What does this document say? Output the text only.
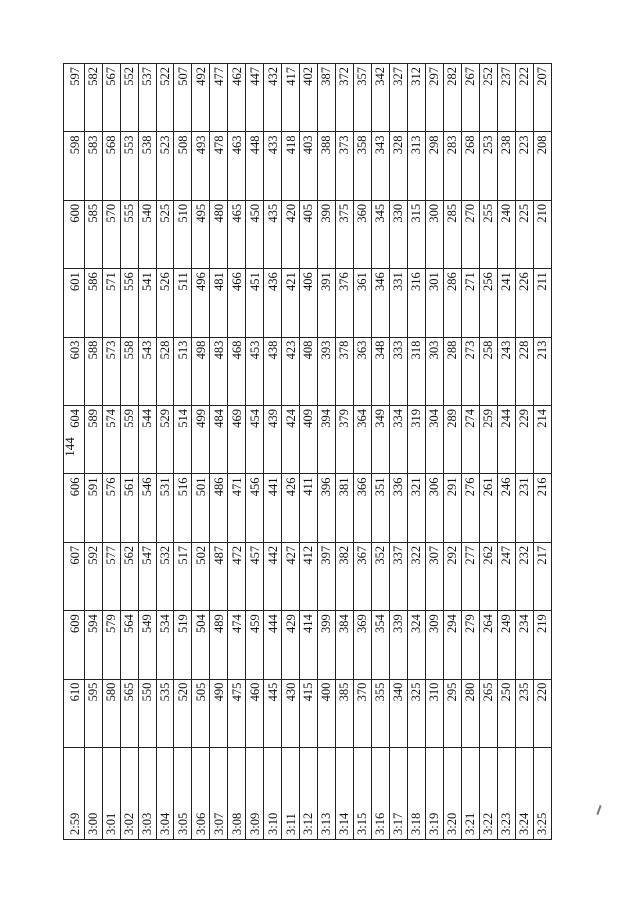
144
2:59	610	609	607	606	604	603	601	600	598	597
3:00	595	594	592	591	589	588	586	585	583	582
3:01	580	579	577	576	574	573	571	570	568	567
3:02	565	564	562	561	559	558	556	555	553	552
3:03	550	549	547	546	544	543	541	540	538	537
3:04	535	534	532	531	529	528	526	525	523	522
3:05	520	519	517	516	514	513	511	510	508	507
3:06	505	504	502	501	499	498	496	495	493	492
3:07	490	489	487	486	484	483	481	480	478	477
3:08	475	474	472	471	469	468	466	465	463	462
3:09	460	459	457	456	454	453	451	450	448	447
3:10	445	444	442	441	439	438	436	435	433	432
3:11	430	429	427	426	424	423	421	420	418	417
3:12	415	414	412	411	409	408	406	405	403	402
3:13	400	399	397	396	394	393	391	390	388	387
3:14	385	384	382	381	379	378	376	375	373	372
3:15	370	369	367	366	364	363	361	360	358	357
3:16	355	354	352	351	349	348	346	345	343	342
3:17	340	339	337	336	334	333	331	330	328	327
3:18	325	324	322	321	319	318	316	315	313	312
3:19	310	309	307	306	304	303	301	300	298	297
3:20	295	294	292	291	289	288	286	285	283	282
3:21	280	279	277	276	274	273	271	270	268	267
3:22	265	264	262	261	259	258	256	255	253	252
3:23	250	249	247	246	244	243	241	240	238	237
3:24	235	234	232	231	229	228	226	225	223	222
3:25	220	219	217	216	214	213	211	210	208	207
